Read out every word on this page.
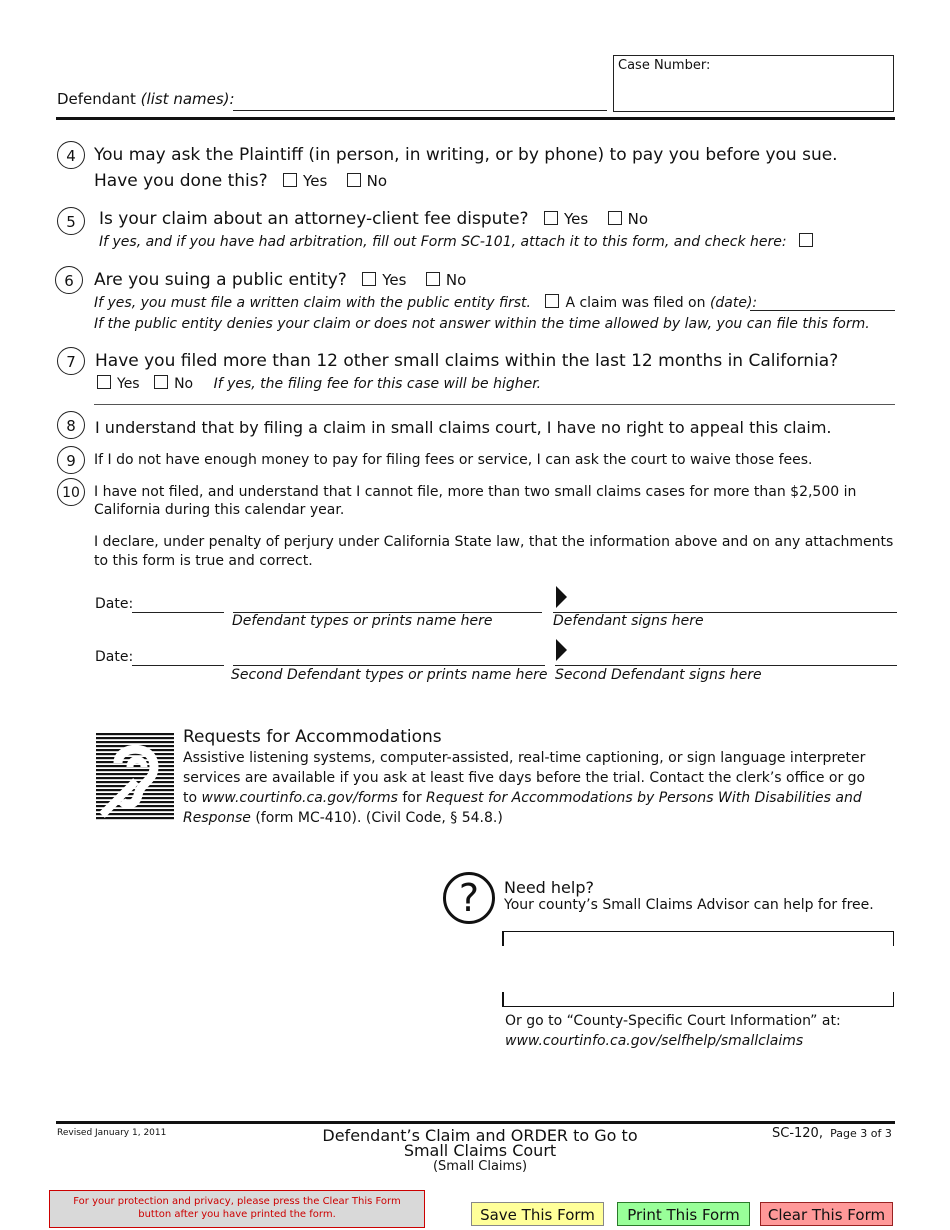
Defendant (list names):
Case Number:
4	You may ask the Plaintiff (in person, in writing, or by phone) to pay you before you sue.
Have you done this? Yes	No
5	Is your claim about an attorney-client fee dispute? Yes	No
If yes, and if you have had arbitration, fill out Form SC-101, attach it to this form, and check here:
6	Are you suing a public entity? Yes	No
If yes, you must file a written claim with the public entity first. A claim was filed on (date):
If the public entity denies your claim or does not answer within the time allowed by law, you can file this form.
7	Have you filed more than 12 other small claims within the last 12 months in California?
Yes No If yes, the filing fee for this case will be higher.
8	I understand that by filing a claim in small claims court, I have no right to appeal this claim.
9	If I do not have enough money to pay for filing fees or service, I can ask the court to waive those fees.
10	I have not filed, and understand that I cannot file, more than two small claims cases for more than $2,500 in California during this calendar year.
I declare, under penalty of perjury under California State law, that the information above and on any attachments to this form is true and correct.
Date:
Defendant types or prints name here	Defendant signs here
Date:
Second Defendant types or prints name here Second Defendant signs here
Requests for Accommodations
Assistive listening systems, computer-assisted, real-time captioning, or sign language interpreter services are available if you ask at least five days before the trial. Contact the clerk’s office or go to www.courtinfo.ca.gov/forms for Request for Accommodations by Persons With Disabilities and Response (form MC-410). (Civil Code, § 54.8.)
?	Need help?
Your county’s Small Claims Advisor can help for free.
Or go to “County-Specific Court Information” at:
www.courtinfo.ca.gov/selfhelp/smallclaims
Revised January 1, 2011	Defendant’s Claim and ORDER to Go to
Small Claims Court
(Small Claims)
SC-120, Page 3 of 3
For your protection and privacy, please press the Clear This Form button after you have printed the form.	Save This Form	Print This Form	Clear This Form
